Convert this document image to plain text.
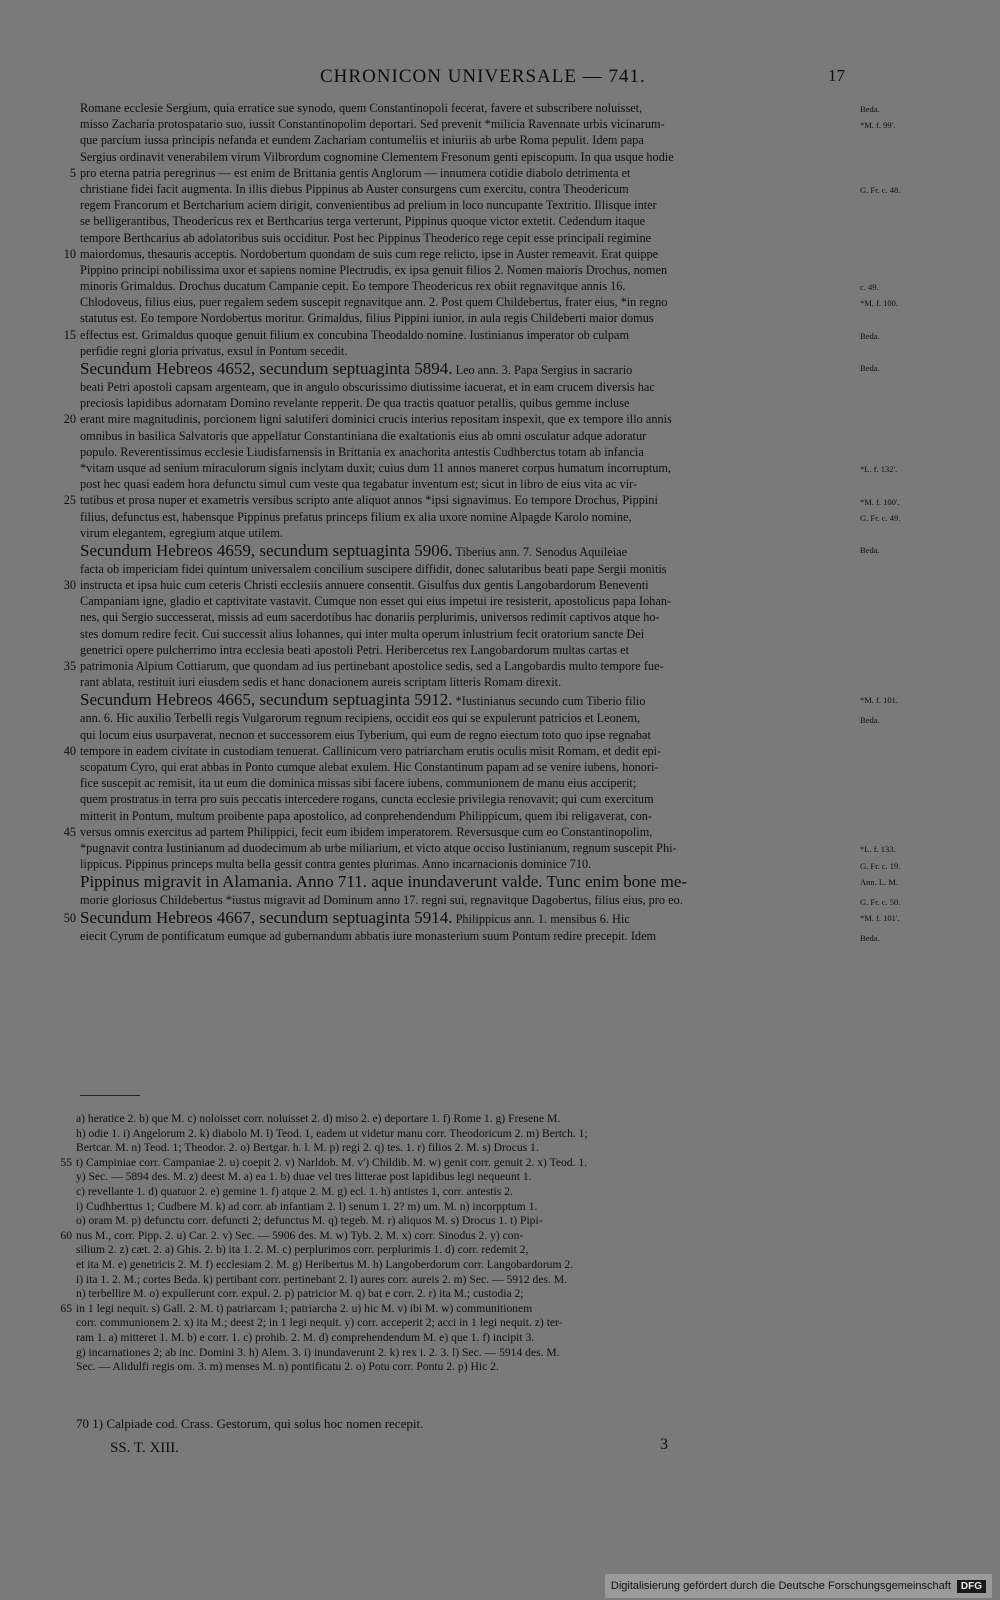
CHRONICON UNIVERSALE — 741.	17
Romane ecclesie Sergium, quia erratice sue synodo, quem Constantinopoli fecerat, favere et subscribere noluisset,
misso Zacharia protospatario suo, iussit Constantinopolim deportari. Sed prevenit *milicia Ravennate urbis vicinarum-
que parcium iussa principis nefanda et eundem Zachariam contumeliis et iniuriis ab urbe Roma pepulit. Idem papa
Sergius ordinavit venerabilem virum Vilbrordum cognomine Clementem Fresonum genti episcopum. In qua usque hodie
5 pro eterna patria peregrinus — est enim de Brittania gentis Anglorum — innumera cotidie diabolo detrimenta et
christiane fidei facit augmenta. In illis diebus Pippinus ab Auster consurgens cum exercitu, contra Theodericum
regem Francorum et Bertcharium aciem dirigit, convenientibus ad prelium in loco nuncupante Textritio. Illisque inter
se belligerantibus, Theodericus rex et Berthcarius terga verterunt, Pippinus quoque victor extetit. Cedendum itaque
tempore Berthcarius ab adolatoribus suis occiditur. Post hec Pippinus Theoderico rege cepit esse principali regimine
10 maiordomus, thesauris acceptis. Nordobertum quondam de suis cum rege relicto, ipse in Auster remeavit. Erat quippe
Pippino principi nobilissima uxor et sapiens nomine Plectrudis, ex ipsa genuit filios 2. Nomen maioris Drochus, nomen
minoris Grimaldus. Drochus ducatum Campanie cepit. Eo tempore Theodericus rex obiit regnavitque annis 16.
Chlodoveus, filius eius, puer regalem sedem suscepit regnavitque ann. 2. Post quem Childebertus, frater eius, *in regno
statutus est. Eo tempore Nordobertus moritur. Grimaldus, filius Pippini iunior, in aula regis Childeberti maior domus
15 effectus est. Grimaldus quoque genuit filium ex concubina Theodaldo nomine. Iustinianus imperator ob culpam
perfidie regni gloria privatus, exsul in Pontum secedit.
Secundum Hebreos 4652, secundum septuaginta 5894. Leo ann. 3. Papa Sergius in sacrario
beati Petri apostoli capsam argenteam, que in angulo obscurissimo diutissime iacuerat, et in eam crucem diversis hac
preciosis lapidibus adornatam Domino revelante repperit. De qua tractis quatuor petallis, quibus gemme incluse
20 erant mire magnitudinis, porcionem ligni salutiferi dominici crucis interius repositam inspexit, que ex tempore illo annis
omnibus in basilica Salvatoris que appellatur Constantiniana die exaltationis eius ab omni osculatur adque adoratur
populo. Reverentissimus ecclesie Liudisfarnensis in Brittania ex anachorita antestis Cudhberctus totam ab infancia
*vitam usque ad senium miraculorum signis inclytam duxit; cuius dum 11 annos maneret corpus humatum incorruptum,
post hec quasi eadem hora defunctu simul cum veste qua tegabatur inventum est; sicut in libro de eius vita ac vir-
25 tutibus et prosa nuper et exametris versibus scripto ante aliquot annos *ipsi signavimus. Eo tempore Drochus, Pippini
filius, defunctus est, habensque Pippinus prefatus princeps filium ex alia uxore nomine Alpagde Karolo nomine,
virum elegantem, egregium atque utilem.
Secundum Hebreos 4659, secundum septuaginta 5906. Tiberius ann. 7. Senodus Aquileiae
facta ob impericiam fidei quintum universalem concilium suscipere diffidit, donec salutaribus beati pape Sergii monitis
30 instructa et ipsa huic cum ceteris Christi ecclesiis annuere consentit. Gisulfus dux gentis Langobardorum Beneventi
Campaniam igne, gladio et captivitate vastavit. Cumque non esset qui eius impetui ire resisterit, apostolicus papa Iohan-
nes, qui Sergio successerat, missis ad eum sacerdotibus hac donariis perplurimis, universos redimit captivos atque ho-
stes domum redire fecit. Cui successit alius Iohannes, qui inter multa operum inlustrium fecit oratorium sancte Dei
genetrici opere pulcherrimo intra ecclesia beati apostoli Petri. Heribercetus rex Langobardorum multas cartas et
35 patrimonia Alpium Cottiarum, que quondam ad ius pertinebant apostolice sedis, sed a Langobardis multo tempore fue-
rant ablata, restituit iuri eiusdem sedis et hanc donacionem aureis scriptam litteris Romam direxit.
Secundum Hebreos 4665, secundum septuaginta 5912. *Iustinianus secundo cum Tiberio filio
ann. 6. Hic auxilio Terbelli regis Vulgarorum regnum recipiens, occidit eos qui se expulerunt patricios et Leonem,
qui locum eius usurpaverat, necnon et successorem eius Tyberium, qui eum de regno eiectum toto quo ipse regnabat
40 tempore in eadem civitate in custodiam tenuerat. Callinicum vero patriarcham erutis oculis misit Romam, et dedit epi-
scopatum Cyro, qui erat abbas in Ponto cumque alebat exulem. Hic Constantinum papam ad se venire iubens, honori-
fice suscepit ac remisit, ita ut eum die dominica missas sibi facere iubens, communionem de manu eius acciperit;
quem prostratus in terra pro suis peccatis intercedere rogans, cuncta ecclesie privilegia renovavit; qui cum exercitum
mitterit in Pontum, multum proibente papa apostolico, ad conprehendendum Philippicum, quem ibi religaverat, con-
45 versus omnis exercitus ad partem Philippici, fecit eum ibidem imperatorem. Reversusque cum eo Constantinopolim,
*pugnavit contra Iustinianum ad duodecimum ab urbe miliarium, et victo atque occiso Iustinianum, regnum suscepit Phi-
lippicus. Pippinus princeps multa bella gessit contra gentes plurimas. Anno incarnacionis dominice 710.
Pippinus migravit in Alamania. Anno 711. aque inundaverunt valde. Tunc enim bone me-
morie gloriosus Childebertus *iustus migravit ad Dominum anno 17. regni sui, regnavitque Dagobertus, filius eius, pro eo.
50 Secundum Hebreos 4667, secundum septuaginta 5914. Philippicus ann. 1. mensibus 6. Hic
eiecit Cyrum de pontificatum eumque ad gubernandum abbatis iure monasterium suum Pontum redire precepit. Idem
Beda.
*M. f. 99'.
G. Fr. c. 48.
c. 49.
*M. f. 100.
Beda.
Beda.
*L. f. 132'.
*M. f. 100'.
G. Fr. c. 49.
Beda.
*M. f. 101.
Beda.
*L. f. 133.
G. Fr. c. 19.
Ann. L. M.
G. Fr. c. 50.
*M. f. 101'.
Beda.
a) heratice 2. b) que M. c) noloisset corr. noluisset 2. d) miso 2. e) deportare 1. f) Rome 1. g) Fresene M.
h) odie 1. i) Angelorum 2. k) diabolo M. l) Teod. 1, eadem ut videtur manu corr. Theodoricum 2. m) Bertch. 1;
Bertcar. M. n) Teod. 1; Theodor. 2. o) Bertgar. h. l. M. p) regi 2. q) tes. 1. r) filios 2. M. s) Drocus 1.
55 t) Campiniae corr. Campaniae 2. u) coepit 2. v) Narldob. M. v') Childib. M. w) genit corr. genuit 2. x) Teod. 1.
y) Sec. — 5894 des. M. z) deest M. a) ea 1. b) duae vel tres litterae post lapidibus legi nequeunt 1.
c) revellante 1. d) quatuor 2. e) gemine 1. f) atque 2. M. g) ecl. 1. h) antistes 1, corr. antestis 2.
i) Cudhberttus 1; Cudbere M. k) ad corr. ab infantiam 2. l) senum 1. 2? m) um. M. n) incorpptum 1.
o) oram M. p) defunctu corr. defuncti 2; defunctus M. q) tegeb. M. r) aliquos M. s) Drocus 1. t) Pipi-
60 nus M., corr. Pipp. 2. u) Car. 2. v) Sec. — 5906 des. M. w) Tyb. 2. M. x) corr. Sinodus 2. y) con-
silium 2. z) cæt. 2. a) Ghis. 2. b) ita 1. 2. M. c) perplurimos corr. perplurimis 1. d) corr. redemit 2,
et ita M. e) genetricis 2. M. f) ecclesiam 2. M. g) Heribertus M. h) Langoberdorum corr. Langobardorum 2.
i) ita 1. 2. M.; cortes Beda. k) pertibant corr. pertinebant 2. l) aures corr. aureis 2. m) Sec. — 5912 des. M.
n) terbellire M. o) expullerunt corr. expul. 2. p) patricior M. q) bat e corr. 2. r) ita M.; custodia 2;
65 in 1 legi nequit. s) Gall. 2. M. t) patriarcam 1; patriarcha 2. u) hic M. v) ibi M. w) communitionem
corr. communionem 2. x) ita M.; deest 2; in 1 legi nequit. y) corr. acceperit 2; acci in 1 legi nequit. z) ter-
ram 1. a) mitteret 1. M. b) e corr. 1. c) prohib. 2. M. d) comprehendendum M. e) que 1. f) incipit 3.
g) incarnationes 2; ab inc. Domini 3. h) Alem. 3. i) inundaverunt 2. k) rex i. 2. 3. l) Sec. — 5914 des. M.
Sec. — Alidulfi regis om. 3. m) menses M. n) pontificatu 2. o) Potu corr. Pontu 2. p) Hic 2.
70 1) Calpiade cod. Crass. Gestorum, qui solus hoc nomen recepit.
SS. T. XIII.	3
Digitalisierung gefördert durch die Deutsche Forschungsgemeinschaft	DFG
